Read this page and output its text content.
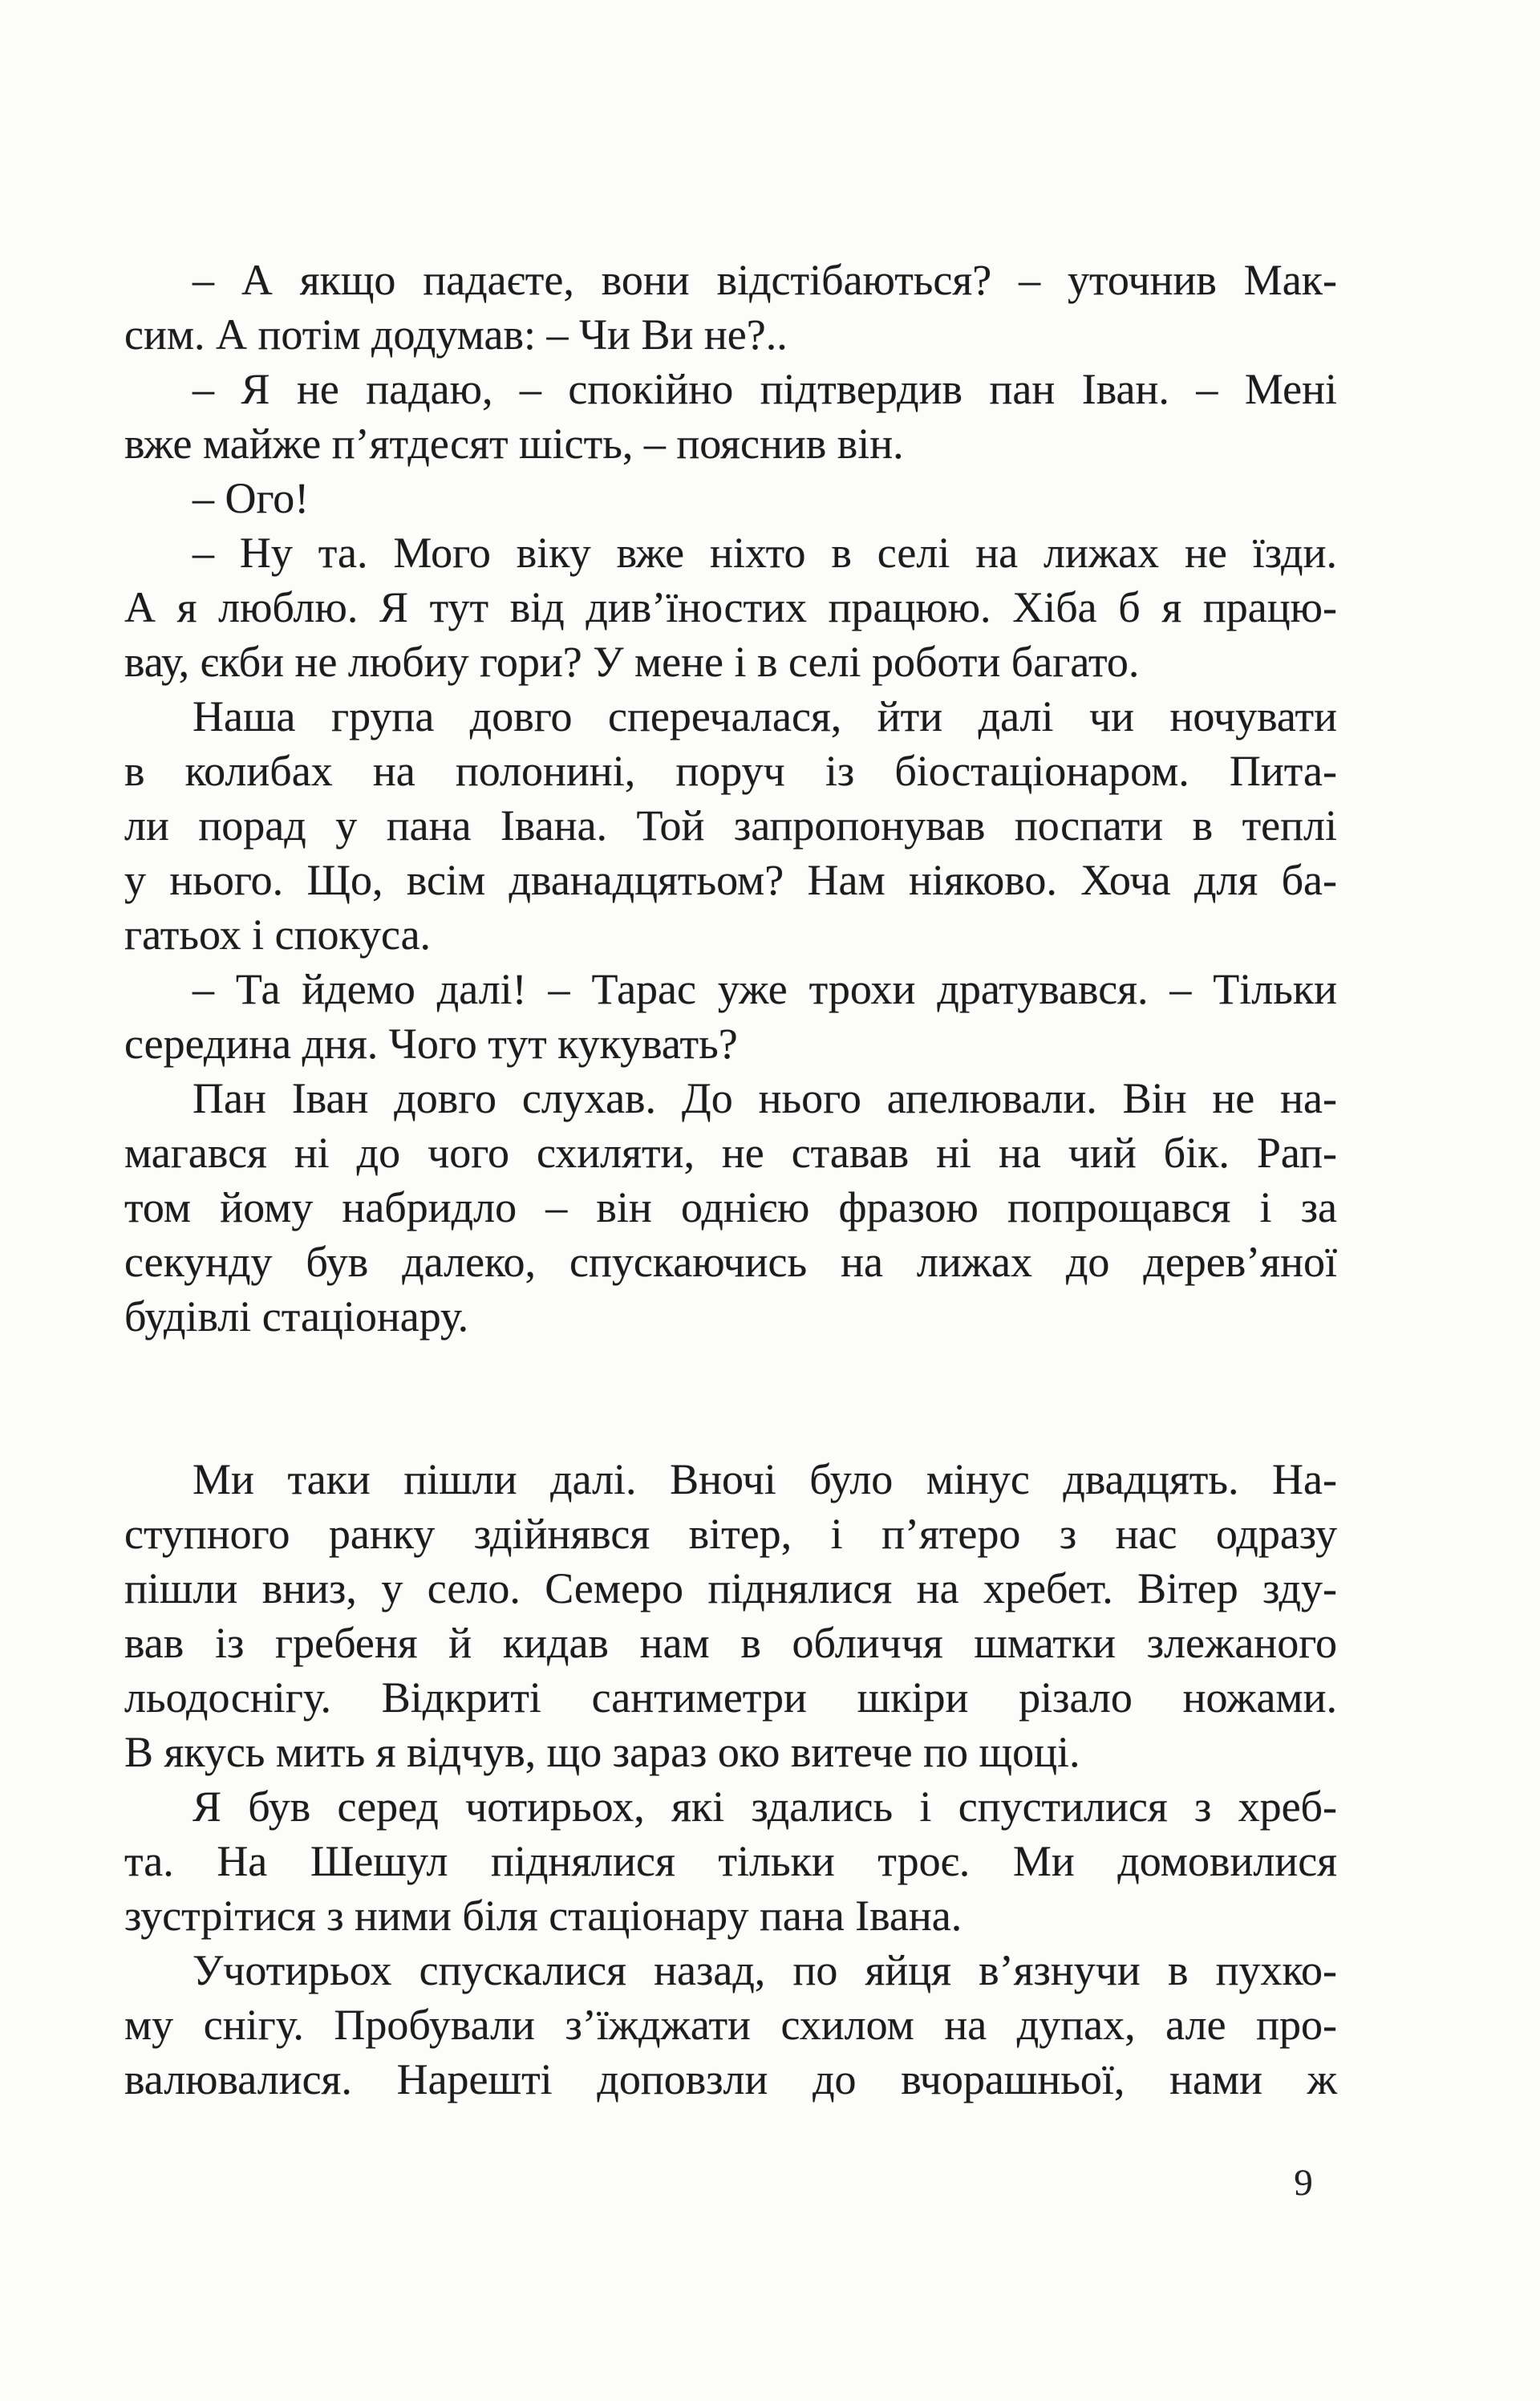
– А якщо падаєте, вони відстібаються? – уточнив Мак-
сим. А потім додумав: – Чи Ви не?..

– Я не падаю, – спокійно підтвердив пан Іван. – Мені
вже майже п’ятдесят шість, – пояснив він.

– Ого!

– Ну та. Мого віку вже ніхто в селі на лижах не їзди.
А я люблю. Я тут від див’їностих працюю. Хіба б я працю-
вау, єкби не любиу гори? У мене і в селі роботи багато.

Наша група довго сперечалася, йти далі чи ночувати
в колибах на полонині, поруч із біостаціонаром. Пита-
ли порад у пана Івана. Той запропонував поспати в теплі
у нього. Що, всім дванадцятьом? Нам ніяково. Хоча для ба-
гатьох і спокуса.

– Та йдемо далі! – Тарас уже трохи дратувався. – Тільки
середина дня. Чого тут кукувать?

Пан Іван довго слухав. До нього апелювали. Він не на-
магався ні до чого схиляти, не ставав ні на чий бік. Рап-
том йому набридло – він однією фразою попрощався і за
секунду був далеко, спускаючись на лижах до дерев’яної
будівлі стаціонару.

Ми таки пішли далі. Вночі було мінус двадцять. На-
ступного ранку здійнявся вітер, і п’ятеро з нас одразу
пішли вниз, у село. Семеро піднялися на хребет. Вітер зду-
вав із гребеня й кидав нам в обличчя шматки злежаного
льодоснігу. Відкриті сантиметри шкіри різало ножами.
В якусь мить я відчув, що зараз око витече по щоці.

Я був серед чотирьох, які здались і спустилися з хреб-
та. На Шешул піднялися тільки троє. Ми домовилися
зустрітися з ними біля стаціонару пана Івана.

Учотирьох спускалися назад, по яйця в’язнучи в пухко-
му снігу. Пробували з’їжджати схилом на дупах, але про-
валювалися. Нарешті доповзли до вчорашньої, нами ж

9
